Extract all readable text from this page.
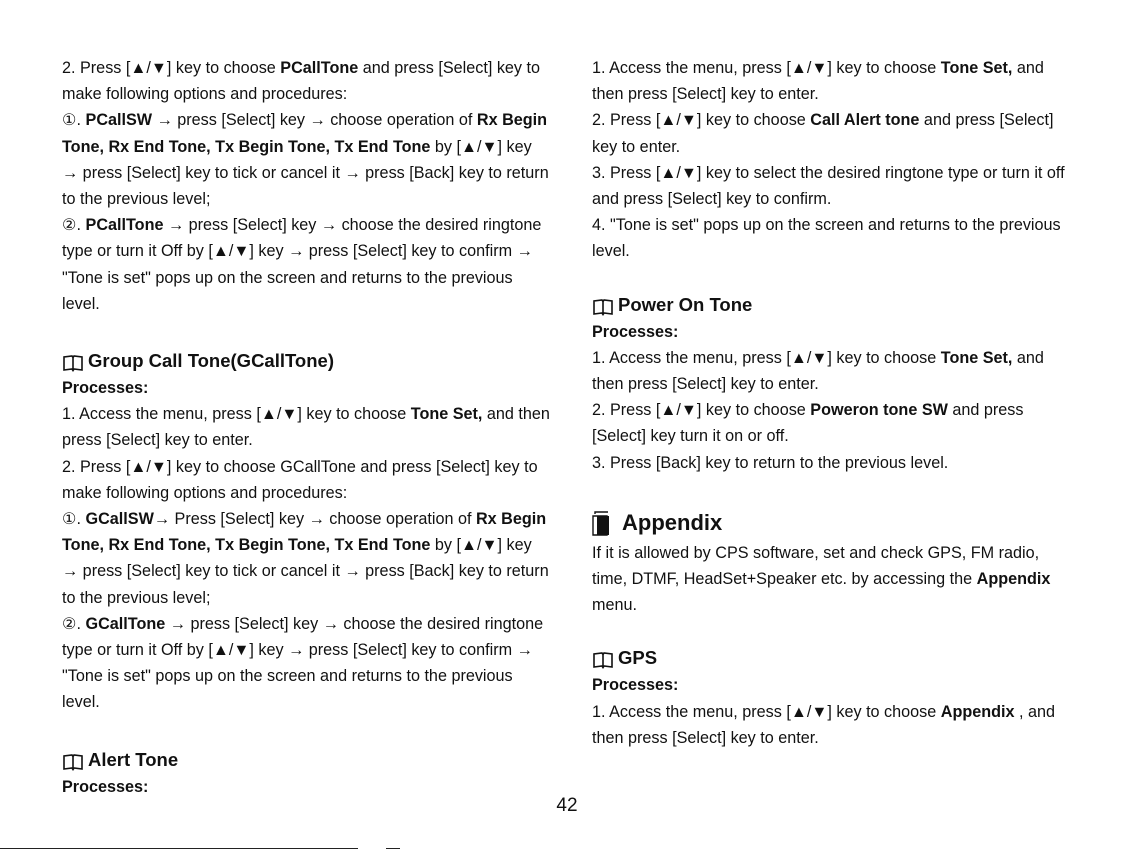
2. Press [▲/▼] key to choose PCallTone and press [Select] key to make following options and procedures:

①. PCallSW → press [Select] key → choose operation of Rx Begin Tone, Rx End Tone, Tx Begin Tone, Tx End Tone by [▲/▼] key → press [Select] key to tick or cancel it → press [Back] key to return to the previous level;

②. PCallTone → press [Select] key → choose the desired ringtone type or turn it Off by [▲/▼] key → press [Select] key to confirm → "Tone is set" pops up on the screen and returns to the previous level.

Group Call Tone(GCallTone)

Processes:

1. Access the menu, press [▲/▼] key to choose Tone Set, and then press [Select] key to enter.

2. Press [▲/▼] key to choose GCallTone and press [Select] key to make following options and procedures:

①. GCallSW→ Press [Select] key → choose operation of Rx Begin Tone, Rx End Tone, Tx Begin Tone, Tx End Tone by [▲/▼] key → press [Select] key to tick or cancel it → press [Back] key to return to the previous level;

②. GCallTone → press [Select] key → choose the desired ringtone type or turn it Off by [▲/▼] key → press [Select] key to confirm → "Tone is set" pops up on the screen and returns to the previous level.

Alert Tone

Processes:

1. Access the menu, press [▲/▼] key to choose Tone Set, and then press [Select] key to enter.

2. Press [▲/▼] key to choose Call Alert tone and press [Select] key to enter.

3. Press [▲/▼] key to select the desired ringtone type or turn it off and press [Select] key to confirm.

4. "Tone is set" pops up on the screen and returns to the previous level.

Power On Tone

Processes:

1. Access the menu, press [▲/▼] key to choose Tone Set, and then press [Select] key to enter.

2. Press [▲/▼] key to choose Poweron tone SW and press [Select] key turn it on or off.

3. Press [Back] key to return to the previous level.

Appendix

If it is allowed by CPS software, set and check GPS, FM radio, time, DTMF, HeadSet+Speaker etc. by accessing the Appendix menu.

GPS

Processes:

1. Access the menu, press [▲/▼] key to choose Appendix , and then press [Select] key to enter.

42
